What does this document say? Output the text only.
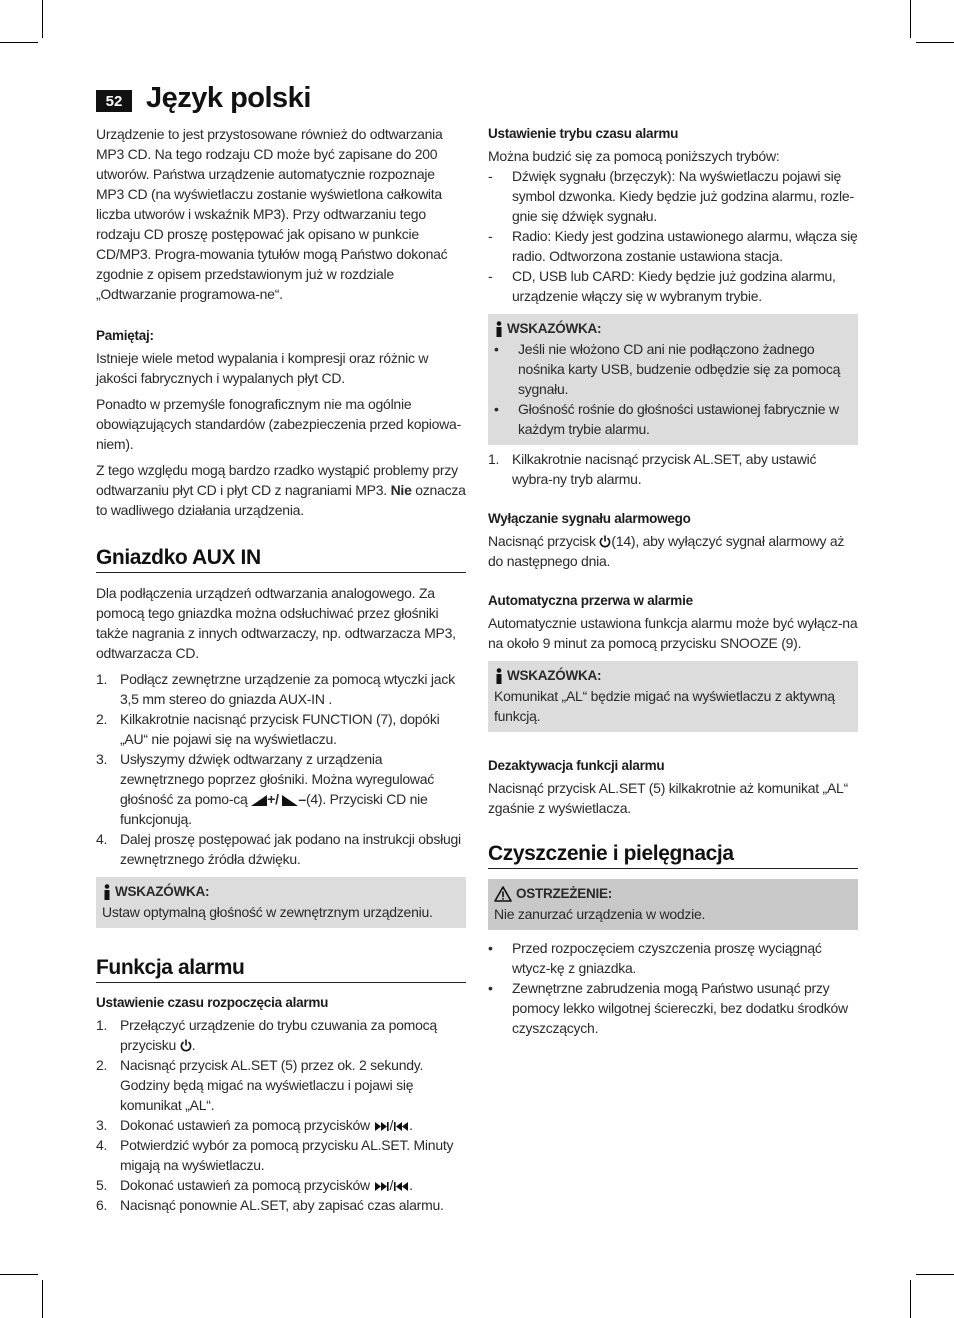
52 Język polski

Urządzenie to jest przystosowane również do odtwarzania MP3 CD. Na tego rodzaju CD może być zapisane do 200 utworów. Państwa urządzenie automatycznie rozpoznaje MP3 CD (na wyświetlaczu zostanie wyświetlona całkowita liczba utworów i wskaźnik MP3). Przy odtwarzaniu tego rodzaju CD proszę postępować jak opisano w punkcie CD/MP3. Progra-mowania tytułów mogą Państwo dokonać zgodnie z opisem przedstawionym już w rozdziale „Odtwarzanie programowa-ne“.

Pamiętaj:

Istnieje wiele metod wypalania i kompresji oraz różnic w jakości fabrycznych i wypalanych płyt CD.

Ponadto w przemyśle fonograficznym nie ma ogólnie obowiązujących standardów (zabezpieczenia przed kopiowa-niem).

Z tego względu mogą bardzo rzadko wystąpić problemy przy odtwarzaniu płyt CD i płyt CD z nagraniami MP3. Nie oznacza to wadliwego działania urządzenia.

Gniazdko AUX IN

Dla podłączenia urządzeń odtwarzania analogowego. Za pomocą tego gniazdka można odsłuchiwać przez głośniki także nagrania z innych odtwarzaczy, np. odtwarzacza MP3, odtwarzacza CD.

1. Podłącz zewnętrzne urządzenie za pomocą wtyczki jack 3,5 mm stereo do gniazda AUX-IN .
2. Kilkakrotnie nacisnąć przycisk FUNCTION (7), dopóki „AU“ nie pojawi się na wyświetlaczu.
3. Usłyszymy dźwięk odtwarzany z urządzenia zewnętrznego poprzez głośniki. Można wyregulować głośność za pomo-cą +/ –(4). Przyciski CD nie funkcjonują.
4. Dalej proszę postępować jak podano na instrukcji obsługi zewnętrznego źródła dźwięku.
WSKAZÓWKA:

Ustaw optymalną głośność w zewnętrznym urządzeniu.

Funkcja alarmu

Ustawienie czasu rozpoczęcia alarmu

1. Przełączyć urządzenie do trybu czuwania za pomocą przycisku .
2. Nacisnąć przycisk AL.SET (5) przez ok. 2 sekundy. Godziny będą migać na wyświetlaczu i pojawi się komunikat „AL“.
3. Dokonać ustawień za pomocą przycisków / .
4. Potwierdzić wybór za pomocą przycisku AL.SET. Minuty migają na wyświetlaczu.
5. Dokonać ustawień za pomocą przycisków / .
6. Nacisnąć ponownie AL.SET, aby zapisać czas alarmu.

Ustawienie trybu czasu alarmu

Można budzić się za pomocą poniższych trybów:

-	Dźwięk sygnału (brzęczyk): Na wyświetlaczu pojawi się symbol dzwonka. Kiedy będzie już godzina alarmu, rozle-gnie się dźwięk sygnału.
-	Radio: Kiedy jest godzina ustawionego alarmu, włącza się radio. Odtworzona zostanie ustawiona stacja.
-	CD, USB lub CARD: Kiedy będzie już godzina alarmu, urządzenie włączy się w wybranym trybie.
WSKAZÓWKA:
•	Jeśli nie włożono CD ani nie podłączono żadnego nośnika karty USB, budzenie odbędzie się za pomocą sygnału.
•	Głośność rośnie do głośności ustawionej fabrycznie w każdym trybie alarmu.
1. Kilkakrotnie nacisnąć przycisk AL.SET, aby ustawić wybra-ny tryb alarmu.

Wyłączanie sygnału alarmowego

Nacisnąć przycisk (14), aby wyłączyć sygnał alarmowy aż do następnego dnia.

Automatyczna przerwa w alarmie

Automatycznie ustawiona funkcja alarmu może być wyłącz-na na około 9 minut za pomocą przycisku SNOOZE (9).

WSKAZÓWKA:

Komunikat „AL“ będzie migać na wyświetlaczu z aktywną funkcją.

Dezaktywacja funkcji alarmu

Nacisnąć przycisk AL.SET (5) kilkakrotnie aż komunikat „AL“ zgaśnie z wyświetlacza.

Czyszczenie i pielęgnacja
OSTRZEŻENIE:

Nie zanurzać urządzenia w wodzie.

•	Przed rozpoczęciem czyszczenia proszę wyciągnąć wtycz-kę z gniazdka.
•	Zewnętrzne zabrudzenia mogą Państwo usunąć przy pomocy lekko wilgotnej ściereczki, bez dodatku środków czyszczących.
